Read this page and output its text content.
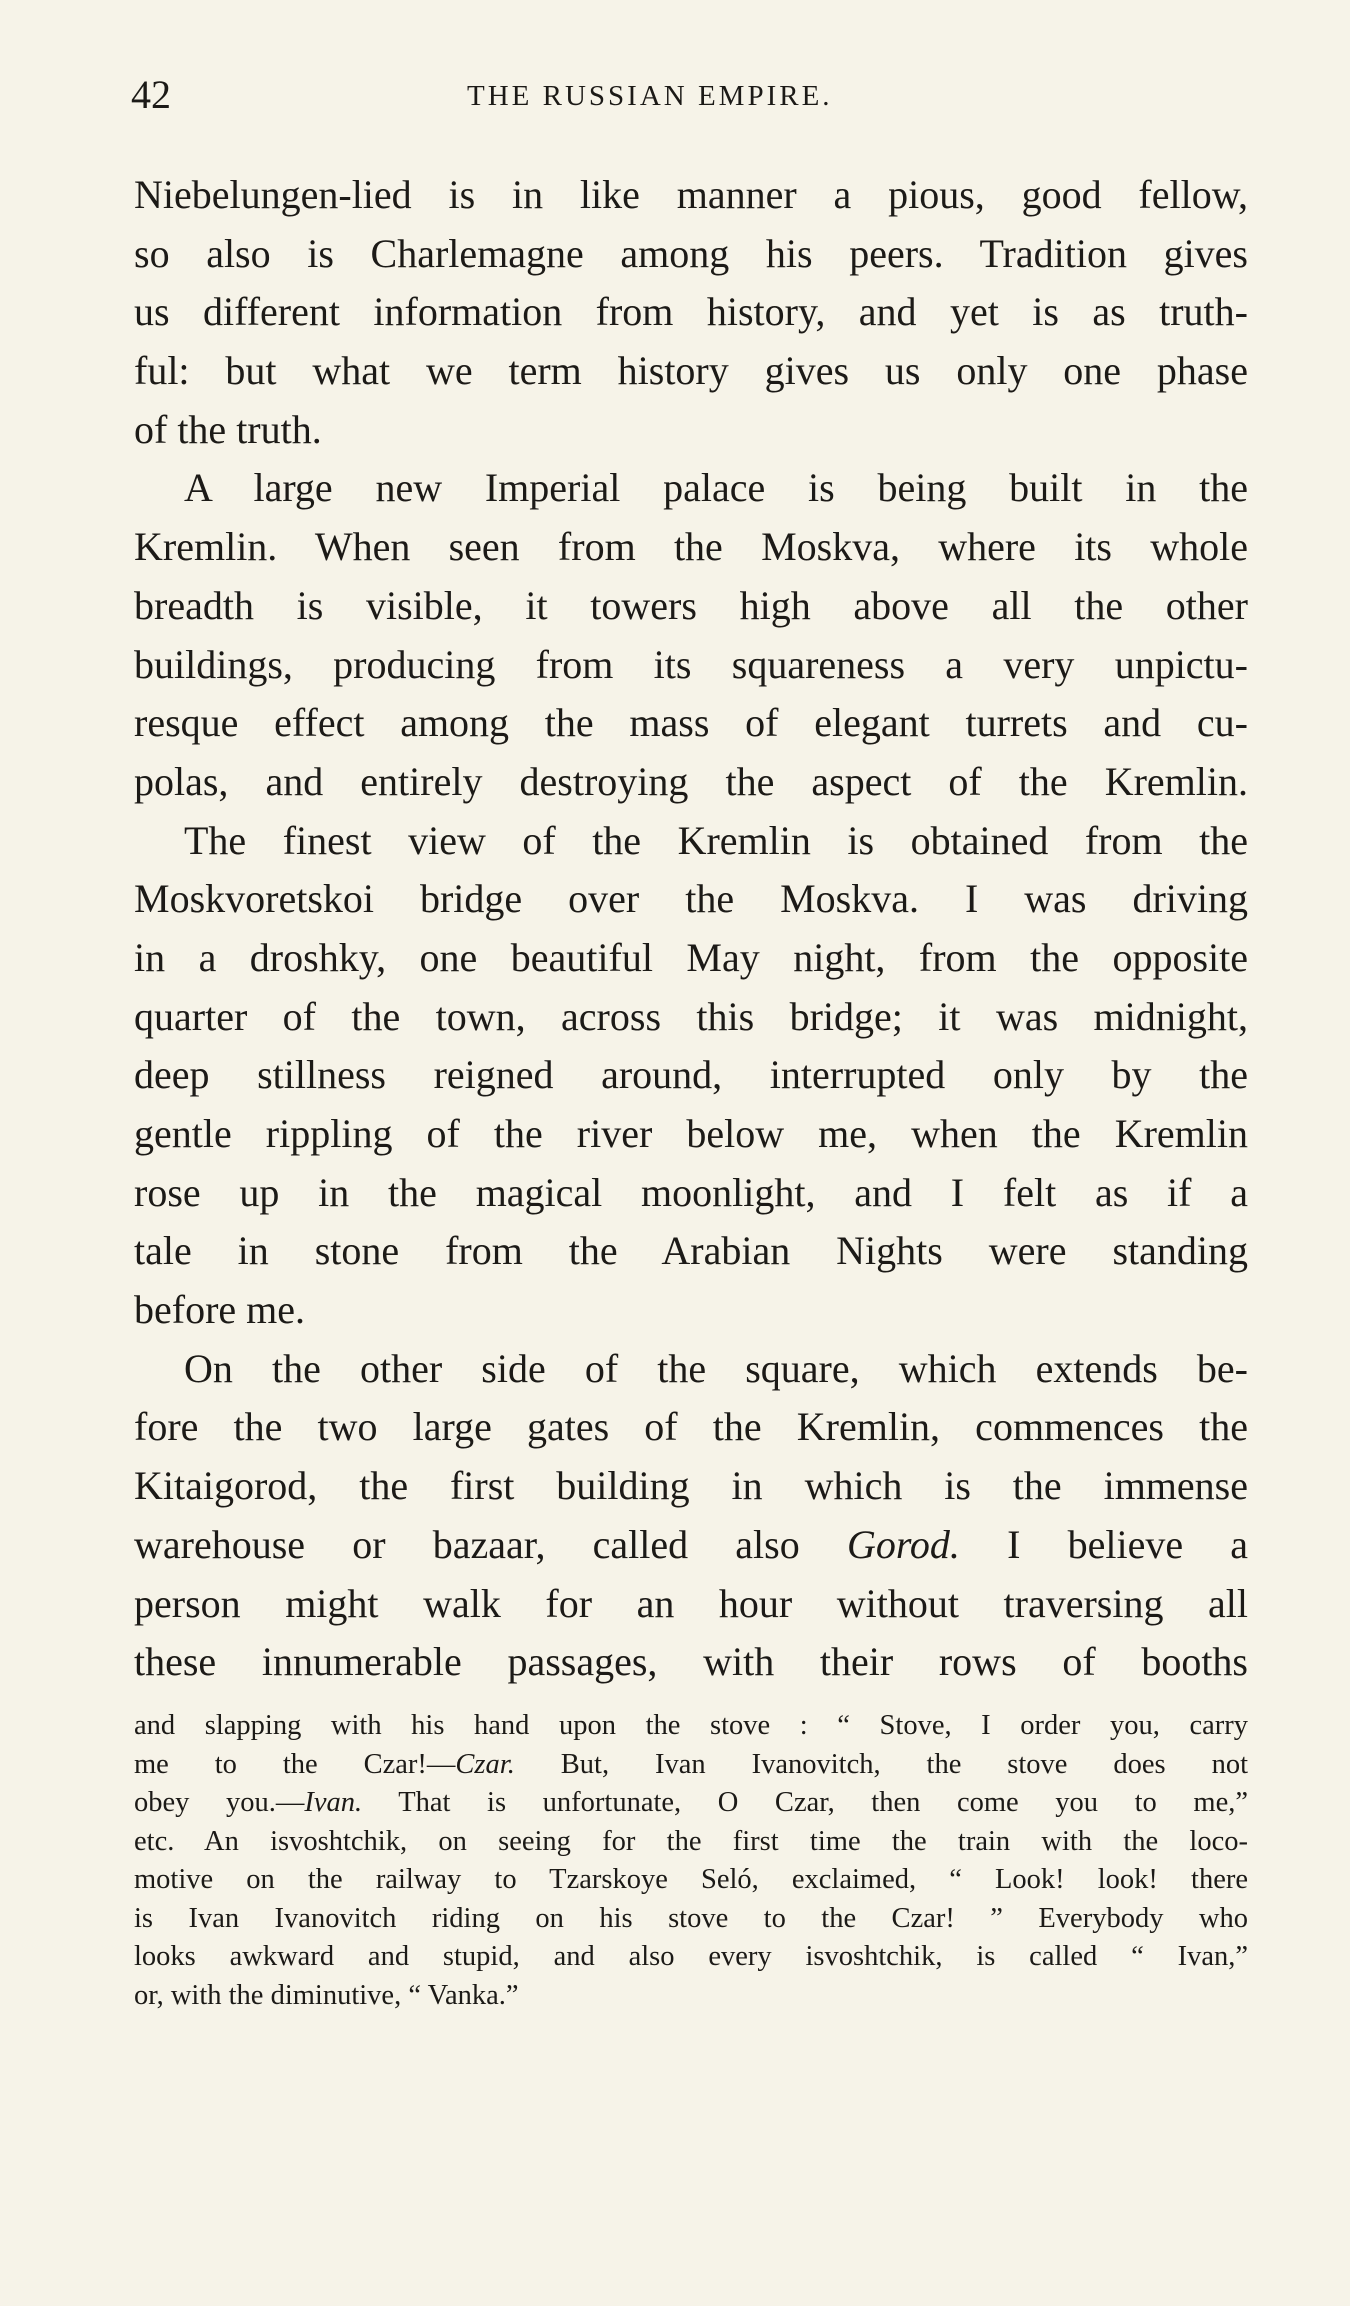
42	THE RUSSIAN EMPIRE.
Niebelungen-lied is in like manner a pious, good fellow,
so also is Charlemagne among his peers. Tradition gives
us different information from history, and yet is as truth-
ful: but what we term history gives us only one phase
of the truth.
A large new Imperial palace is being built in the
Kremlin. When seen from the Moskva, where its whole
breadth is visible, it towers high above all the other
buildings, producing from its squareness a very unpictu-
resque effect among the mass of elegant turrets and cu-
polas, and entirely destroying the aspect of the Kremlin.
The finest view of the Kremlin is obtained from the
Moskvoretskoi bridge over the Moskva. I was driving
in a droshky, one beautiful May night, from the opposite
quarter of the town, across this bridge; it was midnight,
deep stillness reigned around, interrupted only by the
gentle rippling of the river below me, when the Kremlin
rose up in the magical moonlight, and I felt as if a
tale in stone from the Arabian Nights were standing
before me.
On the other side of the square, which extends be-
fore the two large gates of the Kremlin, commences the
Kitaigorod, the first building in which is the immense
warehouse or bazaar, called also Gorod. I believe a
person might walk for an hour without traversing all
these innumerable passages, with their rows of booths
and slapping with his hand upon the stove : “ Stove, I order you, carry
me to the Czar!—Czar. But, Ivan Ivanovitch, the stove does not
obey you.—Ivan. That is unfortunate, O Czar, then come you to me,”
etc. An isvoshtchik, on seeing for the first time the train with the loco-
motive on the railway to Tzarskoye Seló, exclaimed, “ Look! look! there
is Ivan Ivanovitch riding on his stove to the Czar! ” Everybody who
looks awkward and stupid, and also every isvoshtchik, is called “ Ivan,”
or, with the diminutive, “ Vanka.”
